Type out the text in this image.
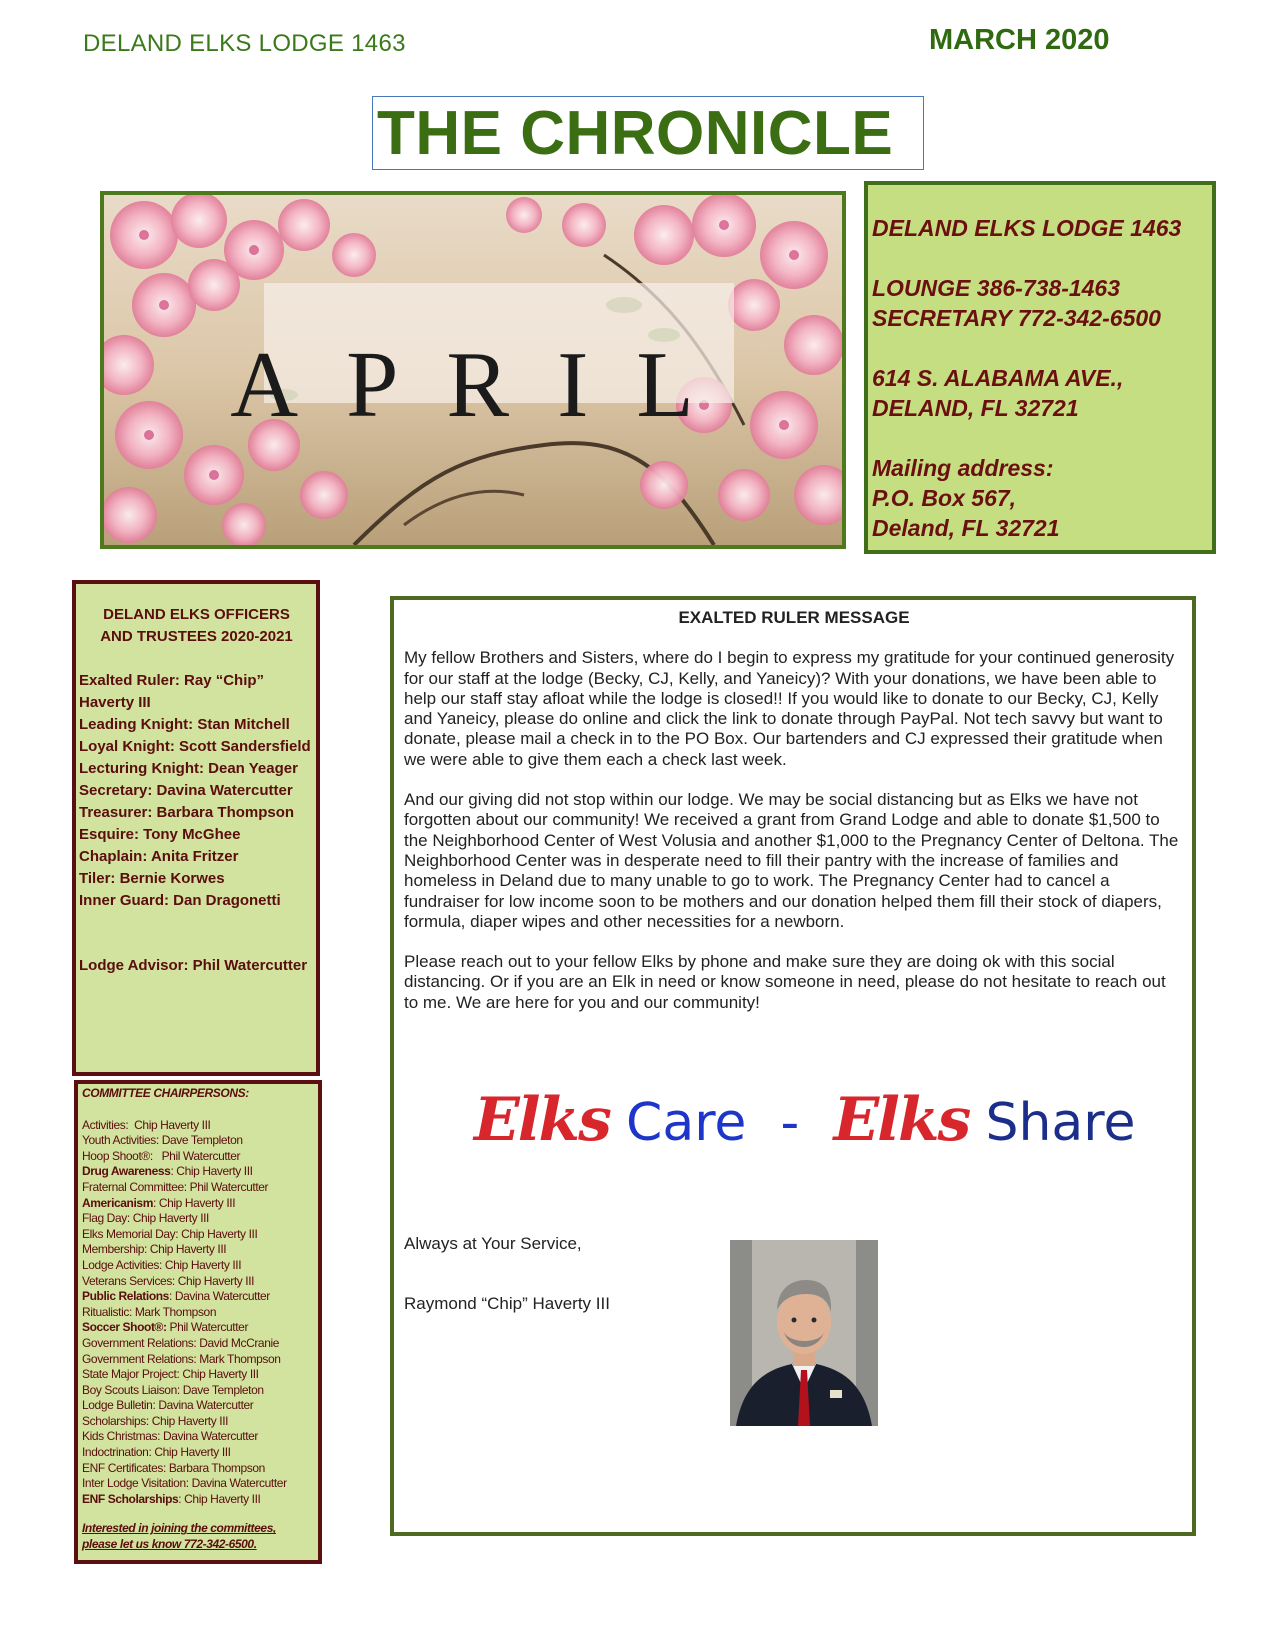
DELAND ELKS LODGE 1463	MARCH 2020
THE CHRONICLE
APRIL
DELAND ELKS LODGE 1463
LOUNGE 386-738-1463
SECRETARY 772-342-6500
614 S. ALABAMA AVE.,
DELAND, FL 32721
Mailing address:
P.O. Box 567,
Deland, FL 32721
DELAND ELKS OFFICERS
AND TRUSTEES 2020-2021
Exalted Ruler: Ray “Chip” Haverty III
Leading Knight: Stan Mitchell
Loyal Knight: Scott Sandersfield
Lecturing Knight: Dean Yeager
Secretary: Davina Watercutter
Treasurer: Barbara Thompson
Esquire: Tony McGhee
Chaplain: Anita Fritzer
Tiler: Bernie Korwes
Inner Guard: Dan Dragonetti
Lodge Advisor: Phil Watercutter
COMMITTEE CHAIRPERSONS:
Activities:  Chip Haverty III
Youth Activities: Dave Templeton
Hoop Shoot®:   Phil Watercutter
Drug Awareness: Chip Haverty III
Fraternal Committee: Phil Watercutter
Americanism: Chip Haverty III
Flag Day: Chip Haverty III
Elks Memorial Day: Chip Haverty III
Membership: Chip Haverty III
Lodge Activities: Chip Haverty III
Veterans Services: Chip Haverty III
Public Relations: Davina Watercutter
Ritualistic: Mark Thompson
Soccer Shoot®: Phil Watercutter
Government Relations: David McCranie
Government Relations: Mark Thompson
State Major Project: Chip Haverty III
Boy Scouts Liaison: Dave Templeton
Lodge Bulletin: Davina Watercutter
Scholarships: Chip Haverty III
Kids Christmas: Davina Watercutter
Indoctrination: Chip Haverty III
ENF Certificates: Barbara Thompson
Inter Lodge Visitation: Davina Watercutter
ENF Scholarships: Chip Haverty III
Interested in joining the committees,
please let us know 772-342-6500.
EXALTED RULER MESSAGE

My fellow Brothers and Sisters, where do I begin to express my gratitude for your continued generosity for our staff at the lodge (Becky, CJ, Kelly, and Yaneicy)? With your donations, we have been able to help our staff stay afloat while the lodge is closed!! If you would like to donate to our Becky, CJ, Kelly and Yaneicy, please do online and click the link to donate through PayPal. Not tech savvy but want to donate, please mail a check in to the PO Box. Our bartenders and CJ expressed their gratitude when we were able to give them each a check last week.

And our giving did not stop within our lodge. We may be social distancing but as Elks we have not forgotten about our community! We received a grant from Grand Lodge and able to donate $1,500 to the Neighborhood Center of West Volusia and another $1,000 to the Pregnancy Center of Deltona. The Neighborhood Center was in desperate need to fill their pantry with the increase of families and homeless in Deland due to many unable to go to work. The Pregnancy Center had to cancel a fundraiser for low income soon to be mothers and our donation helped them fill their stock of diapers, formula, diaper wipes and other necessities for a newborn.

Please reach out to your fellow Elks by phone and make sure they are doing ok with this social distancing. Or if you are an Elk in need or know someone in need, please do not hesitate to reach out to me. We are here for you and our community!

Elks Care - Elks Share
Always at Your Service,
Raymond “Chip” Haverty III
